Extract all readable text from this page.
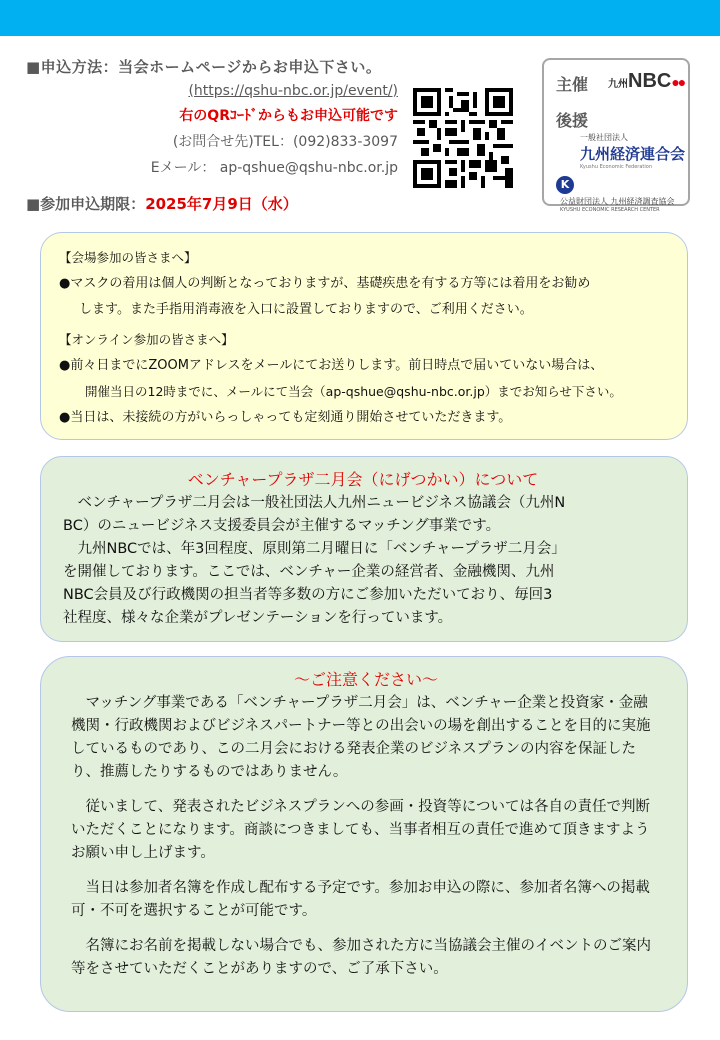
■申込方法：当会ホームページからお申込下さい。
(https://qshu-nbc.or.jp/event/)
右のQRｺｰﾄﾞからもお申込可能です
(お問合せ先)TEL：(092)833-3097
Eメール： ap-qshue@qshu-nbc.or.jp
■参加申込期限：2025年7月9日（水）
主催 九州NBC●●
後援
一般社団法人
九州経済連合会
Kyushu Economic Federation
K
公益財団法人 九州経済調査協会
KYUSHU ECONOMIC RESEARCH CENTER
【会場参加の皆さまへ】
●マスクの着用は個人の判断となっておりますが、基礎疾患を有する方等には着用をお勧め
します。また手指用消毒液を入口に設置しておりますので、ご利用ください。
【オンライン参加の皆さまへ】
●前々日までにZOOMアドレスをメールにてお送りします。前日時点で届いていない場合は、
開催当日の12時までに、メールにて当会（ap-qshue@qshu-nbc.or.jp）までお知らせ下さい。
●当日は、未接続の方がいらっしゃっても定刻通り開始させていただきます。
ベンチャープラザ二月会（にげつかい）について
　ベンチャープラザ二月会は一般社団法人九州ニュービジネス協議会（九州N
BC）のニュービジネス支援委員会が主催するマッチング事業です。
　九州NBCでは、年3回程度、原則第二月曜日に「ベンチャープラザ二月会」
を開催しております。ここでは、ベンチャー企業の経営者、金融機関、九州
NBC会員及び行政機関の担当者等多数の方にご参加いただいており、毎回3
社程度、様々な企業がプレゼンテーションを行っています。
～ご注意ください～
　マッチング事業である「ベンチャープラザ二月会」は、ベンチャー企業と投資家・金融機関・行政機関およびビジネスパートナー等との出会いの場を創出することを目的に実施しているものであり、この二月会における発表企業のビジネスプランの内容を保証したり、推薦したりするものではありません。
　従いまして、発表されたビジネスプランへの参画・投資等については各自の責任で判断いただくことになります。商談につきましても、当事者相互の責任で進めて頂きますようお願い申し上げます。
　当日は参加者名簿を作成し配布する予定です。参加お申込の際に、参加者名簿への掲載可・不可を選択することが可能です。
　名簿にお名前を掲載しない場合でも、参加された方に当協議会主催のイベントのご案内等をさせていただくことがありますので、ご了承下さい。
